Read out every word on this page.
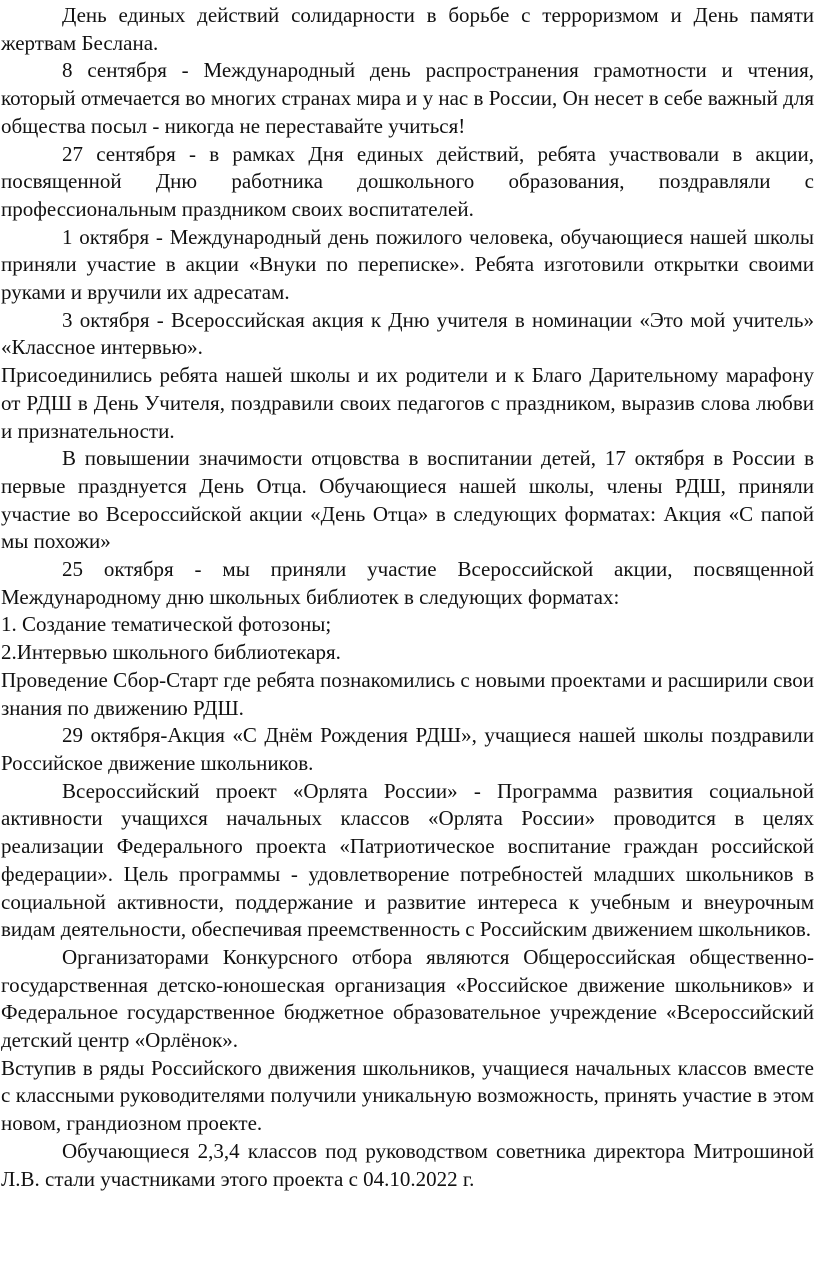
День единых действий солидарности в борьбе с терроризмом и День памяти жертвам Беслана.

8 сентября - Международный день распространения грамотности и чтения, который отмечается во многих странах мира и у нас в России, Он несет в себе важный для общества посыл - никогда не переставайте учиться!

27 сентября - в рамках Дня единых действий, ребята участвовали в акции, посвященной Дню работника дошкольного образования, поздравляли с профессиональным праздником своих воспитателей.

1 октября - Международный день пожилого человека, обучающиеся нашей школы приняли участие в акции «Внуки по переписке». Ребята изготовили открытки своими руками и вручили их адресатам.

3 октября - Всероссийская акция к Дню учителя в номинации «Это мой учитель» «Классное интервью».

Присоединились ребята нашей школы и их родители и к Благо Дарительному марафону от РДШ в День Учителя, поздравили своих педагогов с праздником, выразив слова любви и признательности.

В повышении значимости отцовства в воспитании детей, 17 октября в России в первые празднуется День Отца. Обучающиеся нашей школы, члены РДШ, приняли участие во Всероссийской акции «День Отца» в следующих форматах: Акция «С папой мы похожи»

25 октября - мы приняли участие Всероссийской акции, посвященной Международному дню школьных библиотек в следующих форматах:

1. Создание тематической фотозоны;

2.Интервью школьного библиотекаря.

Проведение Сбор-Старт где ребята познакомились с новыми проектами и расширили свои знания по движению РДШ.

29 октября-Акция «С Днём Рождения РДШ», учащиеся нашей школы поздравили Российское движение школьников.

Всероссийский проект «Орлята России» - Программа развития социальной активности учащихся начальных классов «Орлята России» проводится в целях реализации Федерального проекта «Патриотическое воспитание граждан российской федерации». Цель программы - удовлетворение потребностей младших школьников в социальной активности, поддержание и развитие интереса к учебным и внеурочным видам деятельности, обеспечивая преемственность с Российским движением школьников.

Организаторами Конкурсного отбора являются Общероссийская общественно-государственная детско-юношеская организация «Российское движение школьников» и Федеральное государственное бюджетное образовательное учреждение «Всероссийский детский центр «Орлёнок».

Вступив в ряды Российского движения школьников, учащиеся начальных классов вместе с классными руководителями получили уникальную возможность, принять участие в этом новом, грандиозном проекте.

Обучающиеся 2,3,4 классов под руководством советника директора Митрошиной Л.В. стали участниками этого проекта с 04.10.2022 г.
